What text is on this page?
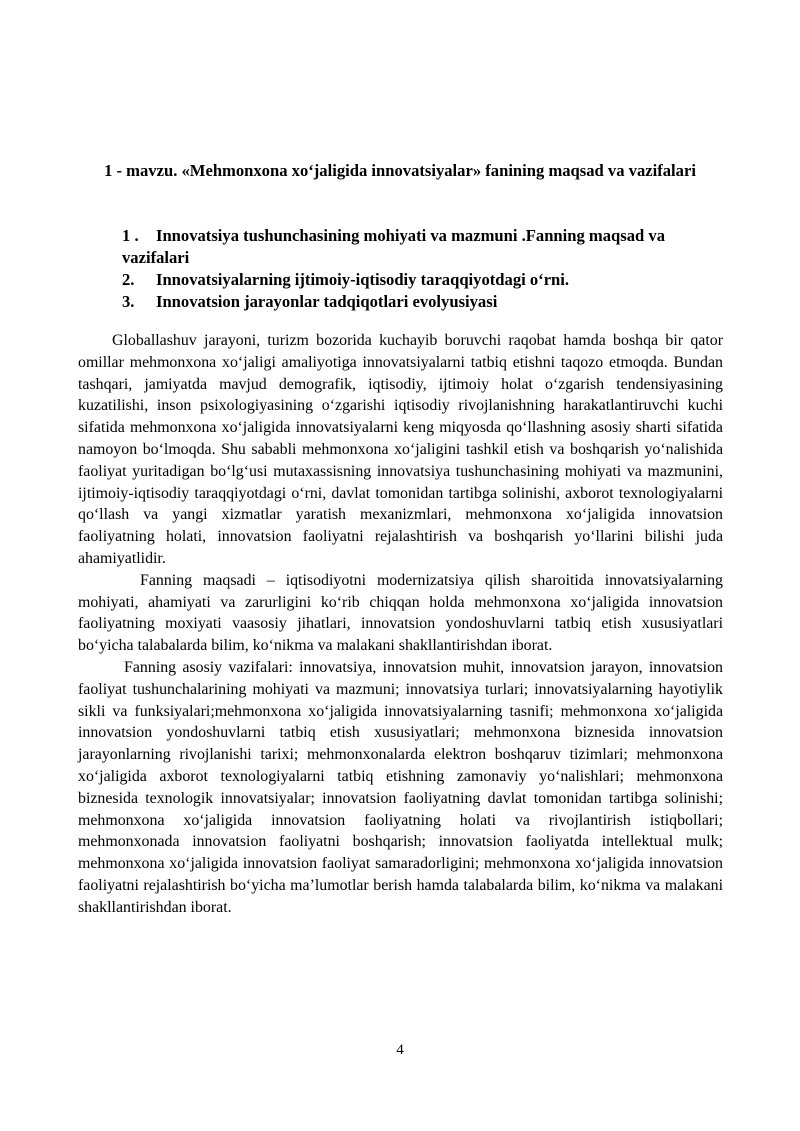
1 - mavzu. «Mehmonxona xo‘jaligida innovatsiyalar» fanining maqsad va vazifalari
1 . Innovatsiya tushunchasining mohiyati va mazmuni .Fanning maqsad va vazifalari
2. Innovatsiyalarning ijtimoiy-iqtisodiy taraqqiyotdagi o‘rni.
3. Innovatsion jarayonlar tadqiqotlari evolyusiyasi

Globallashuv jarayoni, turizm bozorida kuchayib boruvchi raqobat hamda boshqa bir qator omillar mehmonxona xo‘jaligi amaliyotiga innovatsiyalarni tatbiq etishni taqozo etmoqda. Bundan tashqari, jamiyatda mavjud demografik, iqtisodiy, ijtimoiy holat o‘zgarish tendensiyasining kuzatilishi, inson psixologiyasining o‘zgarishi iqtisodiy rivojlanishning harakatlantiruvchi kuchi sifatida mehmonxona xo‘jaligida innovatsiyalarni keng miqyosda qo‘llashning asosiy sharti sifatida namoyon bo‘lmoqda. Shu sababli mehmonxona xo‘jaligini tashkil etish va boshqarish yo‘nalishida faoliyat yuritadigan bo‘lg‘usi mutaxassisning innovatsiya tushunchasining mohiyati va mazmunini, ijtimoiy-iqtisodiy taraqqiyotdagi o‘rni, davlat tomonidan tartibga solinishi, axborot texnologiyalarni qo‘llash va yangi xizmatlar yaratish mexanizmlari, mehmonxona xo‘jaligida innovatsion faoliyatning holati, innovatsion faoliyatni rejalashtirish va boshqarish yo‘llarini bilishi juda ahamiyatlidir.

Fanning maqsadi – iqtisodiyotni modernizatsiya qilish sharoitida innovatsiyalarning mohiyati, ahamiyati va zarurligini ko‘rib chiqqan holda mehmonxona xo‘jaligida innovatsion faoliyatning moxiyati vaasosiy jihatlari, innovatsion yondoshuvlarni tatbiq etish xususiyatlari bo‘yicha talabalarda bilim, ko‘nikma va malakani shakllantirishdan iborat.

Fanning asosiy vazifalari: innovatsiya, innovatsion muhit, innovatsion jarayon, innovatsion faoliyat tushunchalarining mohiyati va mazmuni; innovatsiya turlari; innovatsiyalarning hayotiylik sikli va funksiyalari;mehmonxona xo‘jaligida innovatsiyalarning tasnifi; mehmonxona xo‘jaligida innovatsion yondoshuvlarni tatbiq etish xususiyatlari; mehmonxona biznesida innovatsion jarayonlarning rivojlanishi tarixi; mehmonxonalarda elektron boshqaruv tizimlari; mehmonxona xo‘jaligida axborot texnologiyalarni tatbiq etishning zamonaviy yo‘nalishlari; mehmonxona biznesida texnologik innovatsiyalar; innovatsion faoliyatning davlat tomonidan tartibga solinishi; mehmonxona xo‘jaligida innovatsion faoliyatning holati va rivojlantirish istiqbollari; mehmonxonada innovatsion faoliyatni boshqarish; innovatsion faoliyatda intellektual mulk; mehmonxona xo‘jaligida innovatsion faoliyat samaradorligini; mehmonxona xo‘jaligida innovatsion faoliyatni rejalashtirish bo‘yicha ma’lumotlar berish hamda talabalarda bilim, ko‘nikma va malakani shakllantirishdan iborat.

4
